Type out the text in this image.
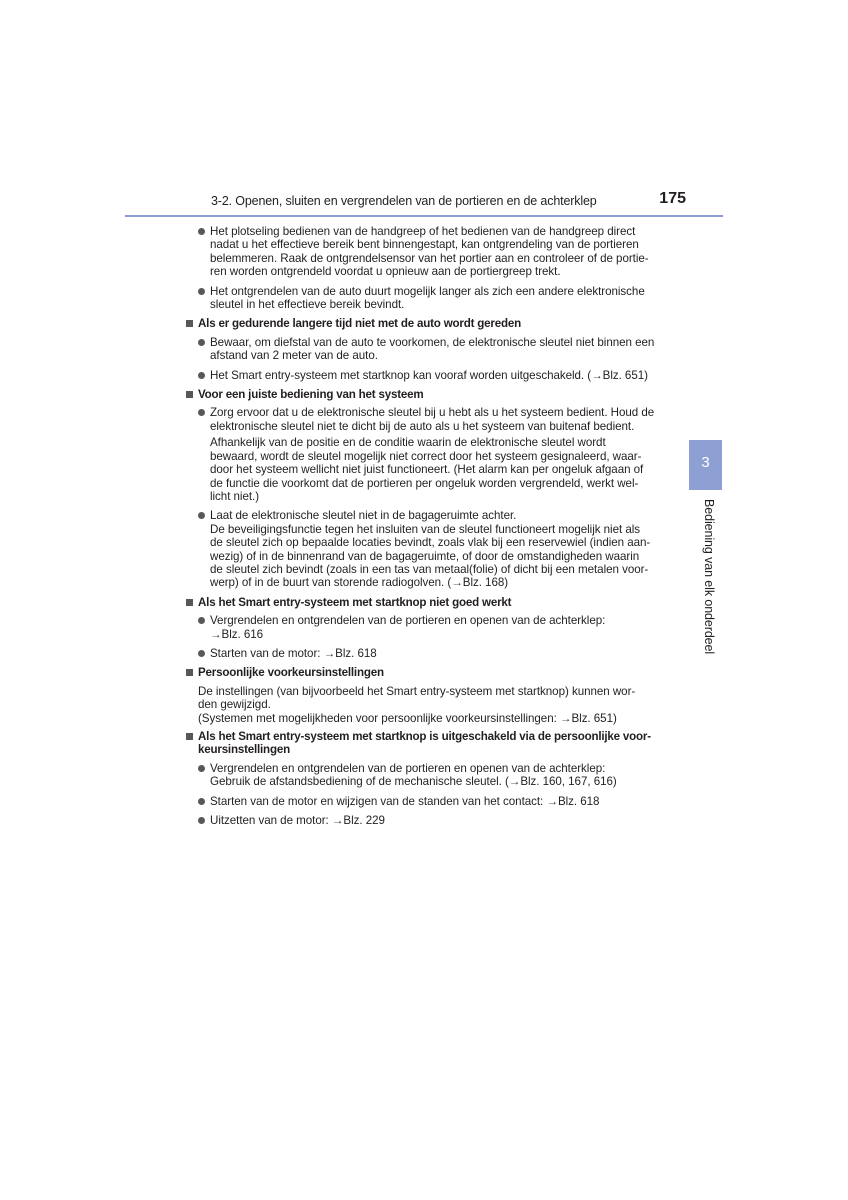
3-2. Openen, sluiten en vergrendelen van de portieren en de achterklep	175
3
Bediening van elk onderdeel
Het plotseling bedienen van de handgreep of het bedienen van de handgreep direct
nadat u het effectieve bereik bent binnengestapt, kan ontgrendeling van de portieren
belemmeren. Raak de ontgrendelsensor van het portier aan en controleer of de portie-
ren worden ontgrendeld voordat u opnieuw aan de portiergreep trekt.
Het ontgrendelen van de auto duurt mogelijk langer als zich een andere elektronische
sleutel in het effectieve bereik bevindt.
Als er gedurende langere tijd niet met de auto wordt gereden
Bewaar, om diefstal van de auto te voorkomen, de elektronische sleutel niet binnen een
afstand van 2 meter van de auto.
Het Smart entry-systeem met startknop kan vooraf worden uitgeschakeld. (→Blz. 651)
Voor een juiste bediening van het systeem
Zorg ervoor dat u de elektronische sleutel bij u hebt als u het systeem bedient. Houd de
elektronische sleutel niet te dicht bij de auto als u het systeem van buitenaf bedient.
Afhankelijk van de positie en de conditie waarin de elektronische sleutel wordt
bewaard, wordt de sleutel mogelijk niet correct door het systeem gesignaleerd, waar-
door het systeem wellicht niet juist functioneert. (Het alarm kan per ongeluk afgaan of
de functie die voorkomt dat de portieren per ongeluk worden vergrendeld, werkt wel-
licht niet.)
Laat de elektronische sleutel niet in de bagageruimte achter.
De beveiligingsfunctie tegen het insluiten van de sleutel functioneert mogelijk niet als
de sleutel zich op bepaalde locaties bevindt, zoals vlak bij een reservewiel (indien aan-
wezig) of in de binnenrand van de bagageruimte, of door de omstandigheden waarin
de sleutel zich bevindt (zoals in een tas van metaal(folie) of dicht bij een metalen voor-
werp) of in de buurt van storende radiogolven. (→Blz. 168)
Als het Smart entry-systeem met startknop niet goed werkt
Vergrendelen en ontgrendelen van de portieren en openen van de achterklep:
→Blz. 616
Starten van de motor: →Blz. 618
Persoonlijke voorkeursinstellingen
De instellingen (van bijvoorbeeld het Smart entry-systeem met startknop) kunnen wor-
den gewijzigd.
(Systemen met mogelijkheden voor persoonlijke voorkeursinstellingen: →Blz. 651)
Als het Smart entry-systeem met startknop is uitgeschakeld via de persoonlijke voor-
keursinstellingen
Vergrendelen en ontgrendelen van de portieren en openen van de achterklep:
Gebruik de afstandsbediening of de mechanische sleutel. (→Blz. 160, 167, 616)
Starten van de motor en wijzigen van de standen van het contact: →Blz. 618
Uitzetten van de motor: →Blz. 229
